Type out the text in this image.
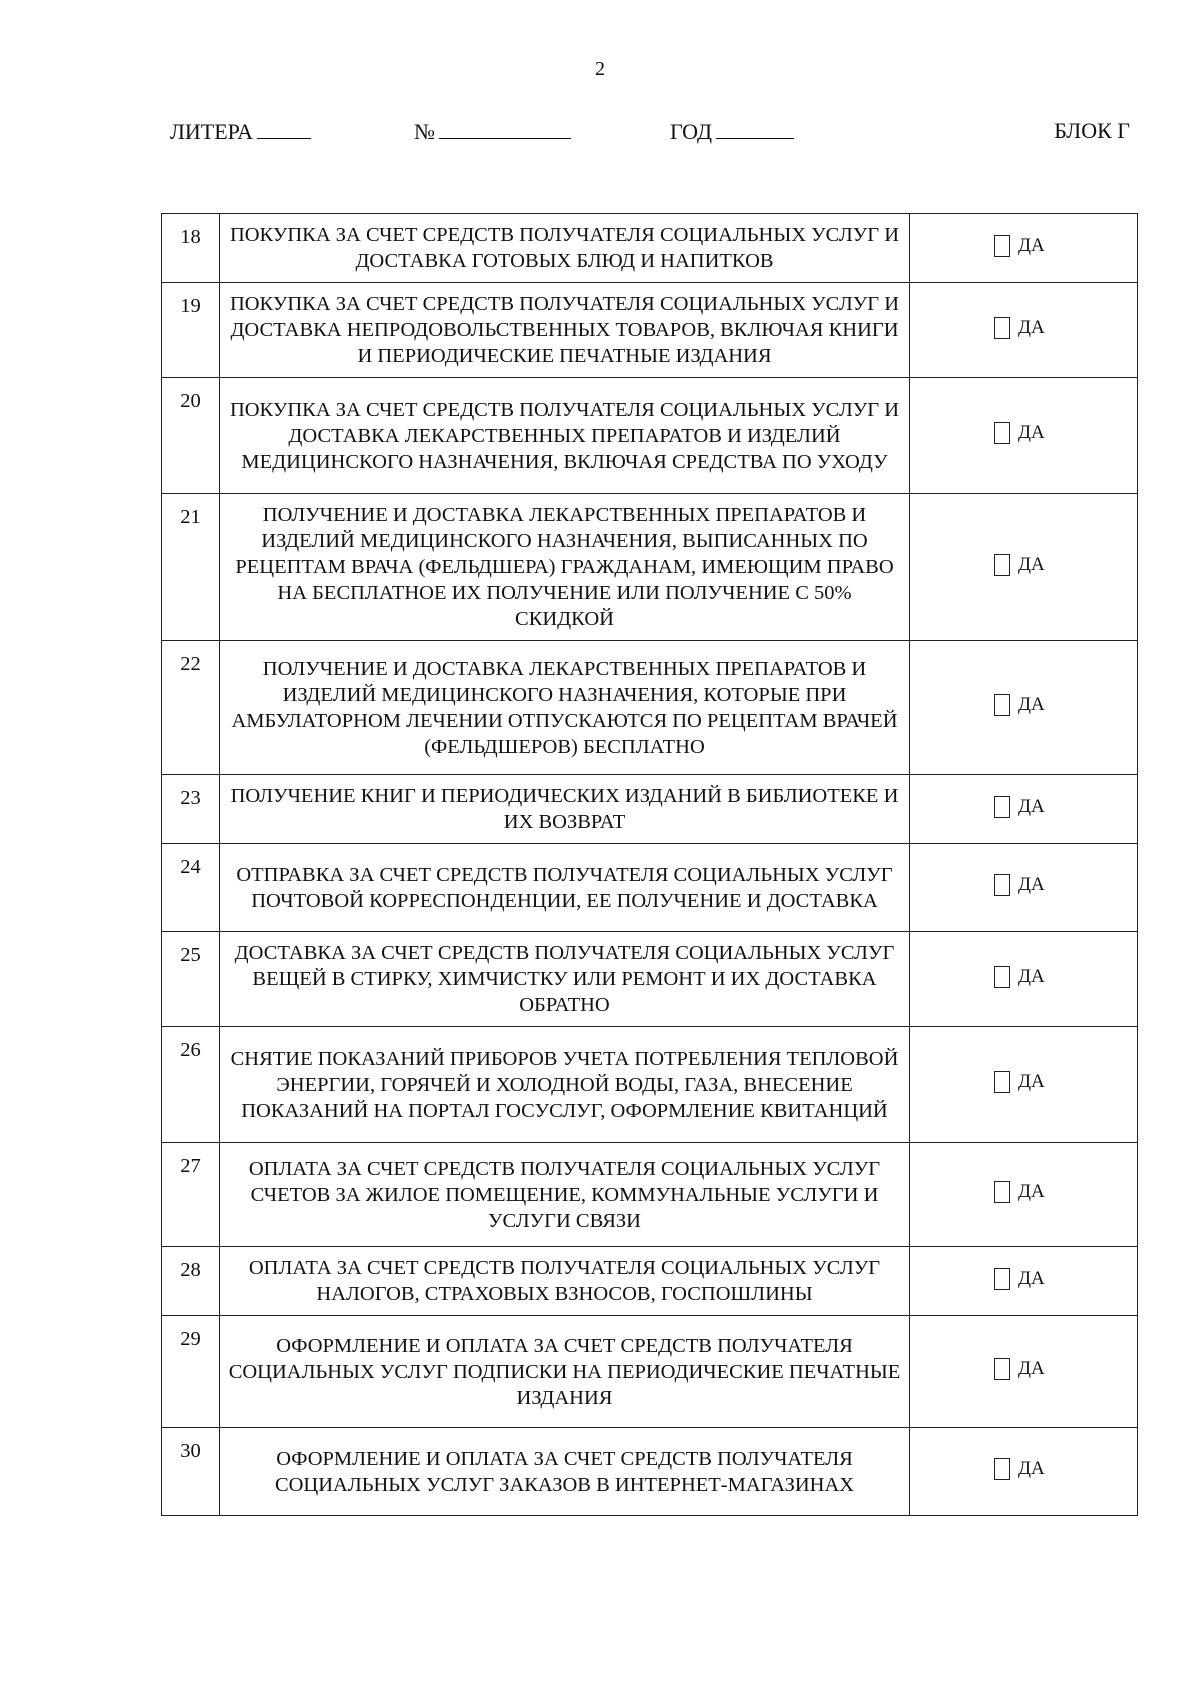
2
ЛИТЕРА	№	ГОД	БЛОК Г
18	ПОКУПКА ЗА СЧЕТ СРЕДСТВ ПОЛУЧАТЕЛЯ СОЦИАЛЬНЫХ УСЛУГ И ДОСТАВКА ГОТОВЫХ БЛЮД И НАПИТКОВ	ДА

19	ПОКУПКА ЗА СЧЕТ СРЕДСТВ ПОЛУЧАТЕЛЯ СОЦИАЛЬНЫХ УСЛУГ И ДОСТАВКА НЕПРОДОВОЛЬСТВЕННЫХ ТОВАРОВ, ВКЛЮЧАЯ КНИГИ И ПЕРИОДИЧЕСКИЕ ПЕЧАТНЫЕ ИЗДАНИЯ	ДА

20	ПОКУПКА ЗА СЧЕТ СРЕДСТВ ПОЛУЧАТЕЛЯ СОЦИАЛЬНЫХ УСЛУГ И ДОСТАВКА ЛЕКАРСТВЕННЫХ ПРЕПАРАТОВ И ИЗДЕЛИЙ МЕДИЦИНСКОГО НАЗНАЧЕНИЯ, ВКЛЮЧАЯ СРЕДСТВА ПО УХОДУ	ДА

21	ПОЛУЧЕНИЕ И ДОСТАВКА ЛЕКАРСТВЕННЫХ ПРЕПАРАТОВ И ИЗДЕЛИЙ МЕДИЦИНСКОГО НАЗНАЧЕНИЯ, ВЫПИСАННЫХ ПО РЕЦЕПТАМ ВРАЧА (ФЕЛЬДШЕРА) ГРАЖДАНАМ, ИМЕЮЩИМ ПРАВО НА БЕСПЛАТНОЕ ИХ ПОЛУЧЕНИЕ ИЛИ ПОЛУЧЕНИЕ С 50% СКИДКОЙ	ДА

22	ПОЛУЧЕНИЕ И ДОСТАВКА ЛЕКАРСТВЕННЫХ ПРЕПАРАТОВ И ИЗДЕЛИЙ МЕДИЦИНСКОГО НАЗНАЧЕНИЯ, КОТОРЫЕ ПРИ АМБУЛАТОРНОМ ЛЕЧЕНИИ ОТПУСКАЮТСЯ ПО РЕЦЕПТАМ ВРАЧЕЙ (ФЕЛЬДШЕРОВ) БЕСПЛАТНО	ДА

23	ПОЛУЧЕНИЕ КНИГ И ПЕРИОДИЧЕСКИХ ИЗДАНИЙ В БИБЛИОТЕКЕ И ИХ ВОЗВРАТ	ДА

24	ОТПРАВКА ЗА СЧЕТ СРЕДСТВ ПОЛУЧАТЕЛЯ СОЦИАЛЬНЫХ УСЛУГ ПОЧТОВОЙ КОРРЕСПОНДЕНЦИИ, ЕЕ ПОЛУЧЕНИЕ И ДОСТАВКА	ДА

25	ДОСТАВКА ЗА СЧЕТ СРЕДСТВ ПОЛУЧАТЕЛЯ СОЦИАЛЬНЫХ УСЛУГ ВЕЩЕЙ В СТИРКУ, ХИМЧИСТКУ ИЛИ РЕМОНТ И ИХ ДОСТАВКА ОБРАТНО	ДА

26	СНЯТИЕ ПОКАЗАНИЙ ПРИБОРОВ УЧЕТА ПОТРЕБЛЕНИЯ ТЕПЛОВОЙ ЭНЕРГИИ, ГОРЯЧЕЙ И ХОЛОДНОЙ ВОДЫ, ГАЗА, ВНЕСЕНИЕ ПОКАЗАНИЙ НА ПОРТАЛ ГОСУСЛУГ, ОФОРМЛЕНИЕ КВИТАНЦИЙ	ДА

27	ОПЛАТА ЗА СЧЕТ СРЕДСТВ ПОЛУЧАТЕЛЯ СОЦИАЛЬНЫХ УСЛУГ СЧЕТОВ ЗА ЖИЛОЕ ПОМЕЩЕНИЕ, КОММУНАЛЬНЫЕ УСЛУГИ И УСЛУГИ СВЯЗИ	ДА

28	ОПЛАТА ЗА СЧЕТ СРЕДСТВ ПОЛУЧАТЕЛЯ СОЦИАЛЬНЫХ УСЛУГ НАЛОГОВ, СТРАХОВЫХ ВЗНОСОВ, ГОСПОШЛИНЫ	ДА

29	ОФОРМЛЕНИЕ И ОПЛАТА ЗА СЧЕТ СРЕДСТВ ПОЛУЧАТЕЛЯ СОЦИАЛЬНЫХ УСЛУГ ПОДПИСКИ НА ПЕРИОДИЧЕСКИЕ ПЕЧАТНЫЕ ИЗДАНИЯ	ДА

30	ОФОРМЛЕНИЕ И ОПЛАТА ЗА СЧЕТ СРЕДСТВ ПОЛУЧАТЕЛЯ СОЦИАЛЬНЫХ УСЛУГ ЗАКАЗОВ В ИНТЕРНЕТ-МАГАЗИНАХ	ДА
